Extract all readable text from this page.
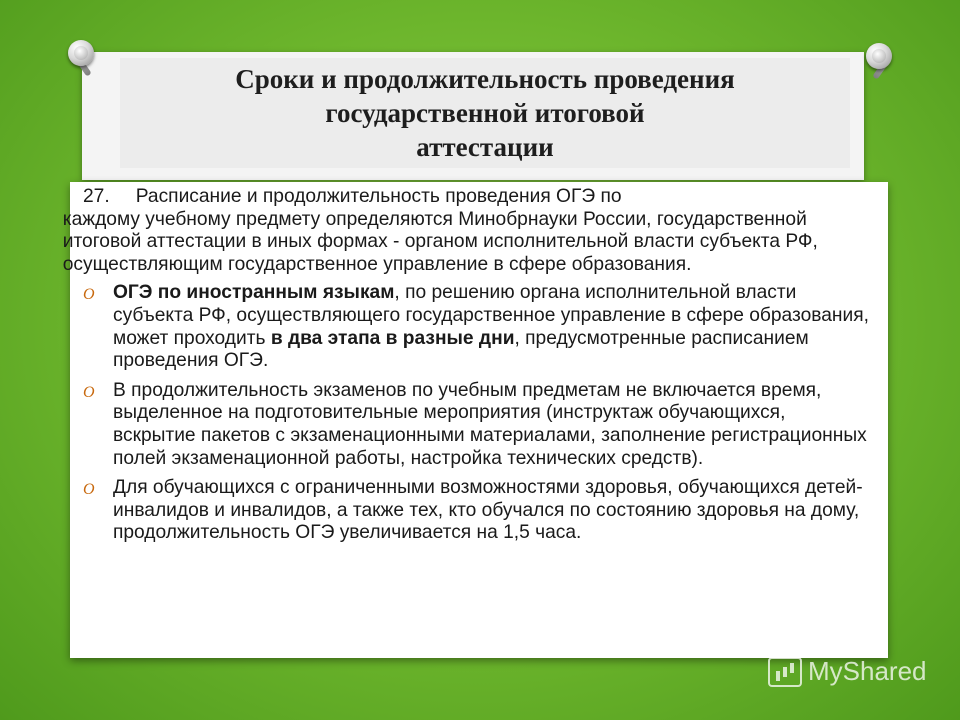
Сроки и продолжительность проведения
государственной итоговой
аттестации
27. Расписание и продолжительность проведения ОГЭ по
каждому учебному предмету определяются Минобрнауки России, государственной итоговой аттестации в иных формах - органом исполнительной власти субъекта РФ, осуществляющим государственное управление в сфере образования.
O ОГЭ по иностранным языкам, по решению органа исполнительной власти субъекта РФ, осуществляющего государственное управление в сфере образования, может проходить в два этапа в разные дни, предусмотренные расписанием проведения ОГЭ.
O В продолжительность экзаменов по учебным предметам не включается время, выделенное на подготовительные мероприятия (инструктаж обучающихся, вскрытие пакетов с экзаменационными материалами, заполнение регистрационных полей экзаменационной работы, настройка технических средств).
O Для обучающихся с ограниченными возможностями здоровья, обучающихся детей-инвалидов и инвалидов, а также тех, кто обучался по состоянию здоровья на дому, продолжительность ОГЭ увеличивается на 1,5 часа.
MyShared
